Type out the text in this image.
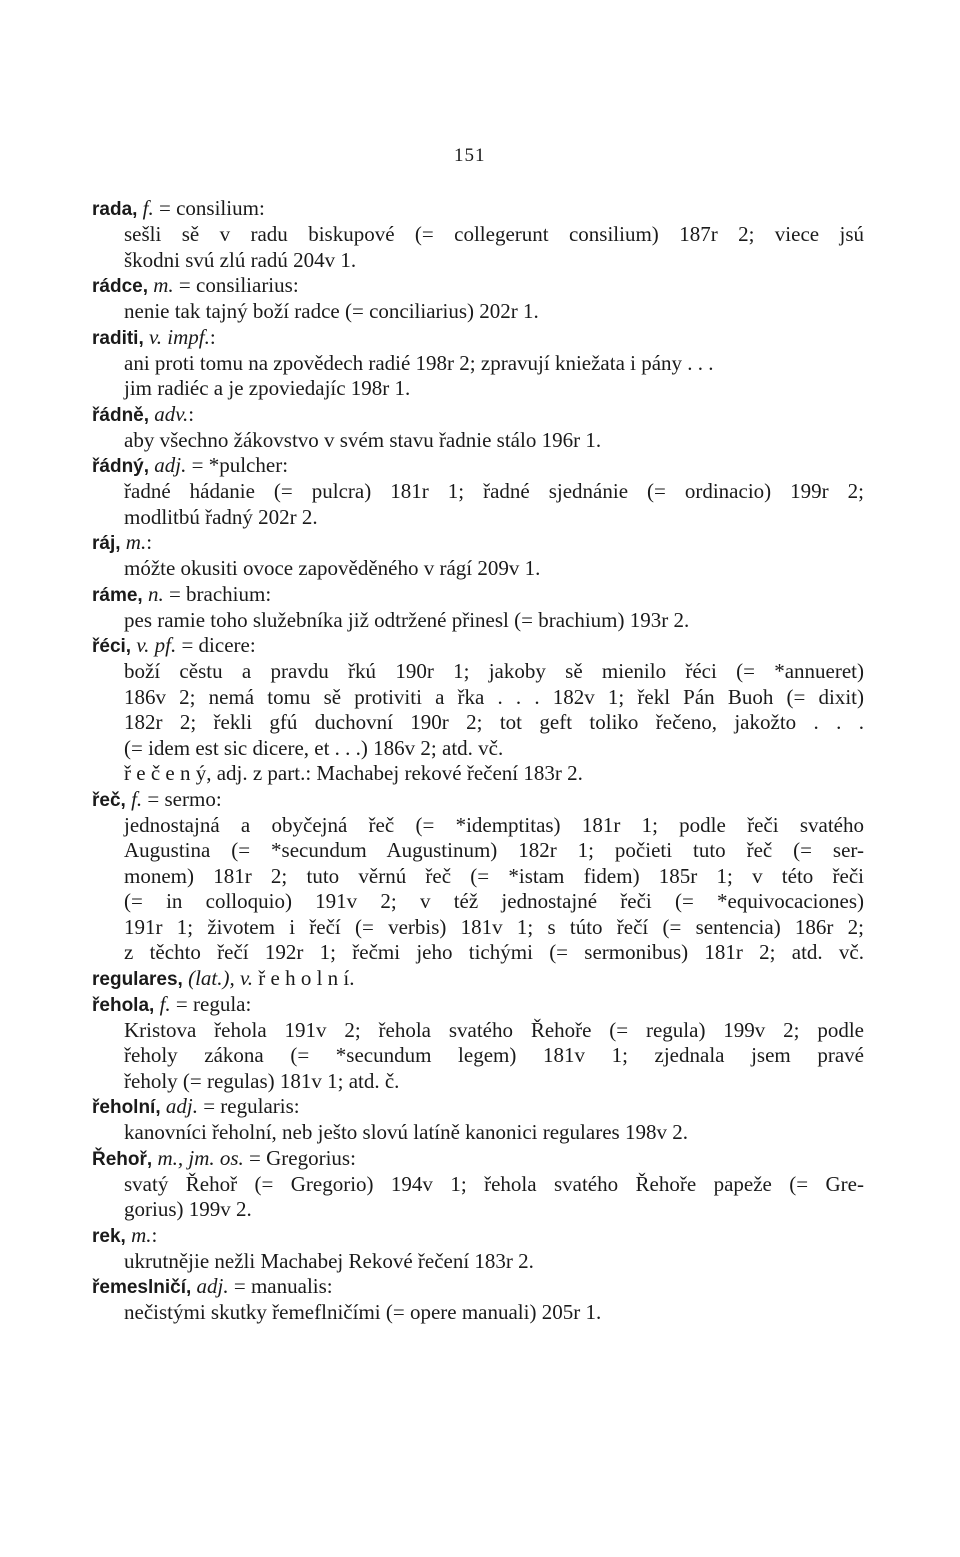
151
rada, f. = consilium:
sešli sě v radu biskupové (= collegerunt consilium) 187r 2; viece jsú
škodni svú zlú radú 204v 1.
rádce, m. = consiliarius:
nenie tak tajný boží radce (= conciliarius) 202r 1.
raditi, v. impf.:
ani proti tomu na zpovědech radié 198r 2; zpravují kniežata i pány . . .
jim radiéc a je zpoviedajíc 198r 1.
řádně, adv.:
aby všechno žákovstvo v svém stavu řadnie stálo 196r 1.
řádný, adj. = *pulcher:
řadné hádanie (= pulcra) 181r 1; řadné sjednánie (= ordinacio) 199r 2;
modlitbú řadný 202r 2.
ráj, m.:
móžte okusiti ovoce zapověděného v rágí 209v 1.
ráme, n. = brachium:
pes ramie toho služebníka již odtržené přinesl (= brachium) 193r 2.
řéci, v. pf. = dicere:
boží cěstu a pravdu řkú 190r 1; jakoby sě mienilo řéci (= *annueret)
186v 2; nemá tomu sě protiviti a řka . . . 182v 1; řekl Pán Buoh (= dixit)
182r 2; řekli gfú duchovní 190r 2; tot geft toliko řečeno, jakožto . . .
(= idem est sic dicere, et . . .) 186v 2; atd. vč.
ř e č e n ý, adj. z part.: Machabej rekové řečení 183r 2.
řeč, f. = sermo:
jednostajná a obyčejná řeč (= *idemptitas) 181r 1; podle řeči svatého
Augustina (= *secundum Augustinum) 182r 1; počieti tuto řeč (= ser-
monem) 181r 2; tuto věrnú řeč (= *istam fidem) 185r 1; v této řeči
(= in colloquio) 191v 2; v též jednostajné řeči (= *equivocaciones)
191r 1; životem i řečí (= verbis) 181v 1; s tútо řečí (= sentencia) 186r 2;
z těchto řečí 192r 1; řečmi jeho tichými (= sermonibus) 181r 2; atd. vč.
regulares, (lat.), v. ř e h o l n í.
řehola, f. = regula:
Kristova řehola 191v 2; řehola svatého Řehoře (= regula) 199v 2; podle
řeholy zákona (= *secundum legem) 181v 1; zjednala jsem pravé
řeholy (= regulas) 181v 1; atd. č.
řeholní, adj. = regularis:
kanovníci řeholní, neb ještо slovú latíně kanonici regulares 198v 2.
Řehoř, m., jm. os. = Gregorius:
svatý Řehoř (= Gregorio) 194v 1; řehola svatého Řehoře papeže (= Gre-
gorius) 199v 2.
rek, m.:
ukrutnějie nežli Machabej Rekové řečení 183r 2.
řemeslničí, adj. = manualis:
nečistými skutky řemeflničími (= opere manuali) 205r 1.
